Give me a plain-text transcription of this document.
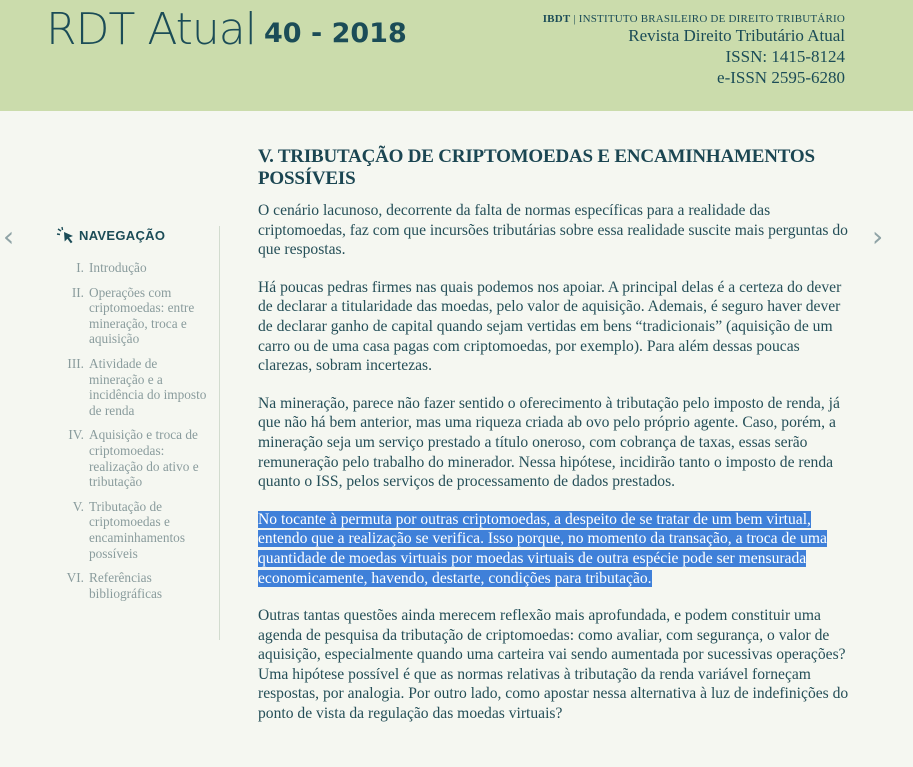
RDT Atual 40 - 2018	IBDT | INSTITUTO BRASILEIRO DE DIREITO TRIBUTÁRIO
Revista Direito Tributário Atual
ISSN: 1415-8124
e-ISSN 2595-6280
‹	›
NAVEGAÇÃO
I. Introdução
II. Operações com criptomoedas: entre mineração, troca e aquisição
III. Atividade de mineração e a incidência do imposto de renda
IV. Aquisição e troca de criptomoedas: realização do ativo e tributação
V. Tributação de criptomoedas e encaminhamentos possíveis
VI. Referências bibliográficas
V. TRIBUTAÇÃO DE CRIPTOMOEDAS E ENCAMINHAMENTOS POSSÍVEIS

O cenário lacunoso, decorrente da falta de normas específicas para a realidade das criptomoedas, faz com que incursões tributárias sobre essa realidade suscite mais perguntas do que respostas.

Há poucas pedras firmes nas quais podemos nos apoiar. A principal delas é a certeza do dever de declarar a titularidade das moedas, pelo valor de aquisição. Ademais, é seguro haver dever de declarar ganho de capital quando sejam vertidas em bens “tradicionais” (aquisição de um carro ou de uma casa pagas com criptomoedas, por exemplo). Para além dessas poucas clarezas, sobram incertezas.

Na mineração, parece não fazer sentido o oferecimento à tributação pelo imposto de renda, já que não há bem anterior, mas uma riqueza criada ab ovo pelo próprio agente. Caso, porém, a mineração seja um serviço prestado a título oneroso, com cobrança de taxas, essas serão remuneração pelo trabalho do minerador. Nessa hipótese, incidirão tanto o imposto de renda quanto o ISS, pelos serviços de processamento de dados prestados.

No tocante à permuta por outras criptomoedas, a despeito de se tratar de um bem virtual, entendo que a realização se verifica. Isso porque, no momento da transação, a troca de uma quantidade de moedas virtuais por moedas virtuais de outra espécie pode ser mensurada economicamente, havendo, destarte, condições para tributação.

Outras tantas questões ainda merecem reflexão mais aprofundada, e podem constituir uma agenda de pesquisa da tributação de criptomoedas: como avaliar, com segurança, o valor de aquisição, especialmente quando uma carteira vai sendo aumentada por sucessivas operações? Uma hipótese possível é que as normas relativas à tributação da renda variável forneçam respostas, por analogia. Por outro lado, como apostar nessa alternativa à luz de indefinições do ponto de vista da regulação das moedas virtuais?
